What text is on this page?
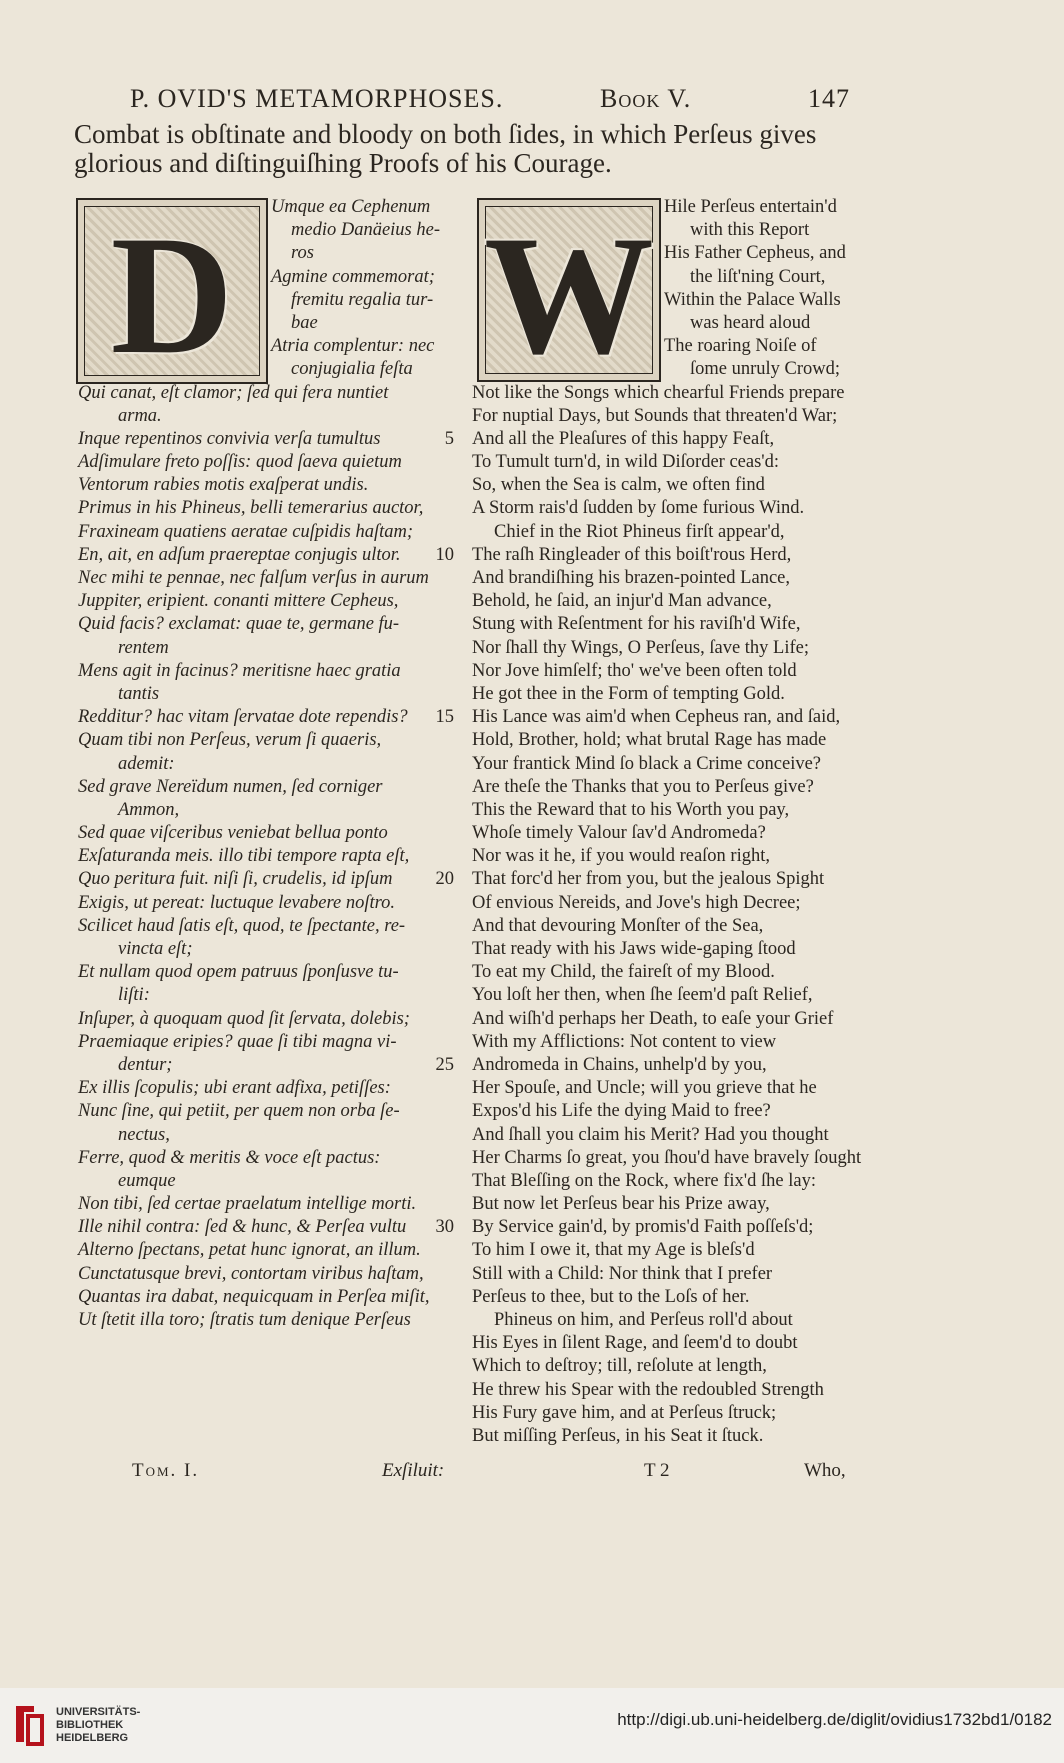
P. OVID'S METAMORPHOSES.	Book V.	147
Combat is obſtinate and bloody on both ſides, in which Perſeus gives glorious and diſtinguiſhing Proofs of his Courage.
D W
Umque ea Cephenum
medio Danäeius he-
ros
Agmine commemorat;
fremitu regalia tur-
bae
Atria complentur: nec
conjugialia feſta
Qui canat, eſt clamor; ſed qui fera nuntiet
arma.
Inque repentinos convivia verſa tumultus	5
Adſimulare freto poſſis: quod ſaeva quietum
Ventorum rabies motis exaſperat undis.
Primus in his Phineus, belli temerarius auctor,
Fraxineam quatiens aeratae cuſpidis haſtam;
En, ait, en adſum praereptae conjugis ultor. 10
Nec mihi te pennae, nec falſum verſus in aurum
Juppiter, eripient. conanti mittere Cepheus,
Quid facis? exclamat: quae te, germane fu-
rentem
Mens agit in facinus? meritisne haec gratia
tantis
Redditur? hac vitam ſervatae dote rependis? 15
Quam tibi non Perſeus, verum ſi quaeris,
ademit:
Sed grave Nereïdum numen, ſed corniger
Ammon,
Sed quae viſceribus veniebat bellua ponto
Exſaturanda meis. illo tibi tempore rapta eſt,
Quo peritura fuit. niſi ſi, crudelis, id ipſum 20
Exigis, ut pereat: luctuque levabere noſtro.
Scilicet haud ſatis eſt, quod, te ſpectante, re-
vincta eſt;
Et nullam quod opem patruus ſponſusve tu-
liſti:
Inſuper, à quoquam quod ſit ſervata, dolebis;
Praemiaque eripies? quae ſi tibi magna vi-
dentur;	25
Ex illis ſcopulis; ubi erant adfixa, petiſſes:
Nunc ſine, qui petiit, per quem non orba ſe-
nectus,
Ferre, quod & meritis & voce eſt pactus:
eumque
Non tibi, ſed certae praelatum intellige morti.
Ille nihil contra: ſed & hunc, & Perſea vultu 30
Alterno ſpectans, petat hunc ignorat, an illum.
Cunctatusque brevi, contortam viribus haſtam,
Quantas ira dabat, nequicquam in Perſea miſit,
Ut ſtetit illa toro; ſtratis tum denique Perſeus
Hile Perſeus entertain'd
with this Report
His Father Cepheus, and
the liſt'ning Court,
Within the Palace Walls
was heard aloud
The roaring Noiſe of
ſome unruly Crowd;
Not like the Songs which chearful Friends prepare
For nuptial Days, but Sounds that threaten'd War;
And all the Pleaſures of this happy Feaſt,
To Tumult turn'd, in wild Diſorder ceas'd:
So, when the Sea is calm, we often find
A Storm rais'd ſudden by ſome furious Wind.
Chief in the Riot Phineus firſt appear'd,
The raſh Ringleader of this boiſt'rous Herd,
And brandiſhing his brazen-pointed Lance,
Behold, he ſaid, an injur'd Man advance,
Stung with Reſentment for his raviſh'd Wife,
Nor ſhall thy Wings, O Perſeus, ſave thy Life;
Nor Jove himſelf; tho' we've been often told
He got thee in the Form of tempting Gold.
His Lance was aim'd when Cepheus ran, and ſaid,
Hold, Brother, hold; what brutal Rage has made
Your frantick Mind ſo black a Crime conceive?
Are theſe the Thanks that you to Perſeus give?
This the Reward that to his Worth you pay,
Whoſe timely Valour ſav'd Andromeda?
Nor was it he, if you would reaſon right,
That forc'd her from you, but the jealous Spight
Of envious Nereids, and Jove's high Decree;
And that devouring Monſter of the Sea,
That ready with his Jaws wide-gaping ſtood
To eat my Child, the faireſt of my Blood.
You loſt her then, when ſhe ſeem'd paſt Relief,
And wiſh'd perhaps her Death, to eaſe your Grief
With my Afflictions: Not content to view
Andromeda in Chains, unhelp'd by you,
Her Spouſe, and Uncle; will you grieve that he
Expos'd his Life the dying Maid to free?
And ſhall you claim his Merit? Had you thought
Her Charms ſo great, you ſhou'd have bravely ſought
That Bleſſing on the Rock, where fix'd ſhe lay:
But now let Perſeus bear his Prize away,
By Service gain'd, by promis'd Faith poſſeſs'd;
To him I owe it, that my Age is bleſs'd
Still with a Child: Nor think that I prefer
Perſeus to thee, but to the Loſs of her.
Phineus on him, and Perſeus roll'd about
His Eyes in ſilent Rage, and ſeem'd to doubt
Which to deſtroy; till, reſolute at length,
He threw his Spear with the redoubled Strength
His Fury gave him, and at Perſeus ſtruck;
But miſſing Perſeus, in his Seat it ſtuck.
Tom. I.	Exſiluit:	T 2	Who,
UNIVERSITÄTS-
BIBLIOTHEK
HEIDELBERG
http://digi.ub.uni-heidelberg.de/diglit/ovidius1732bd1/0182
